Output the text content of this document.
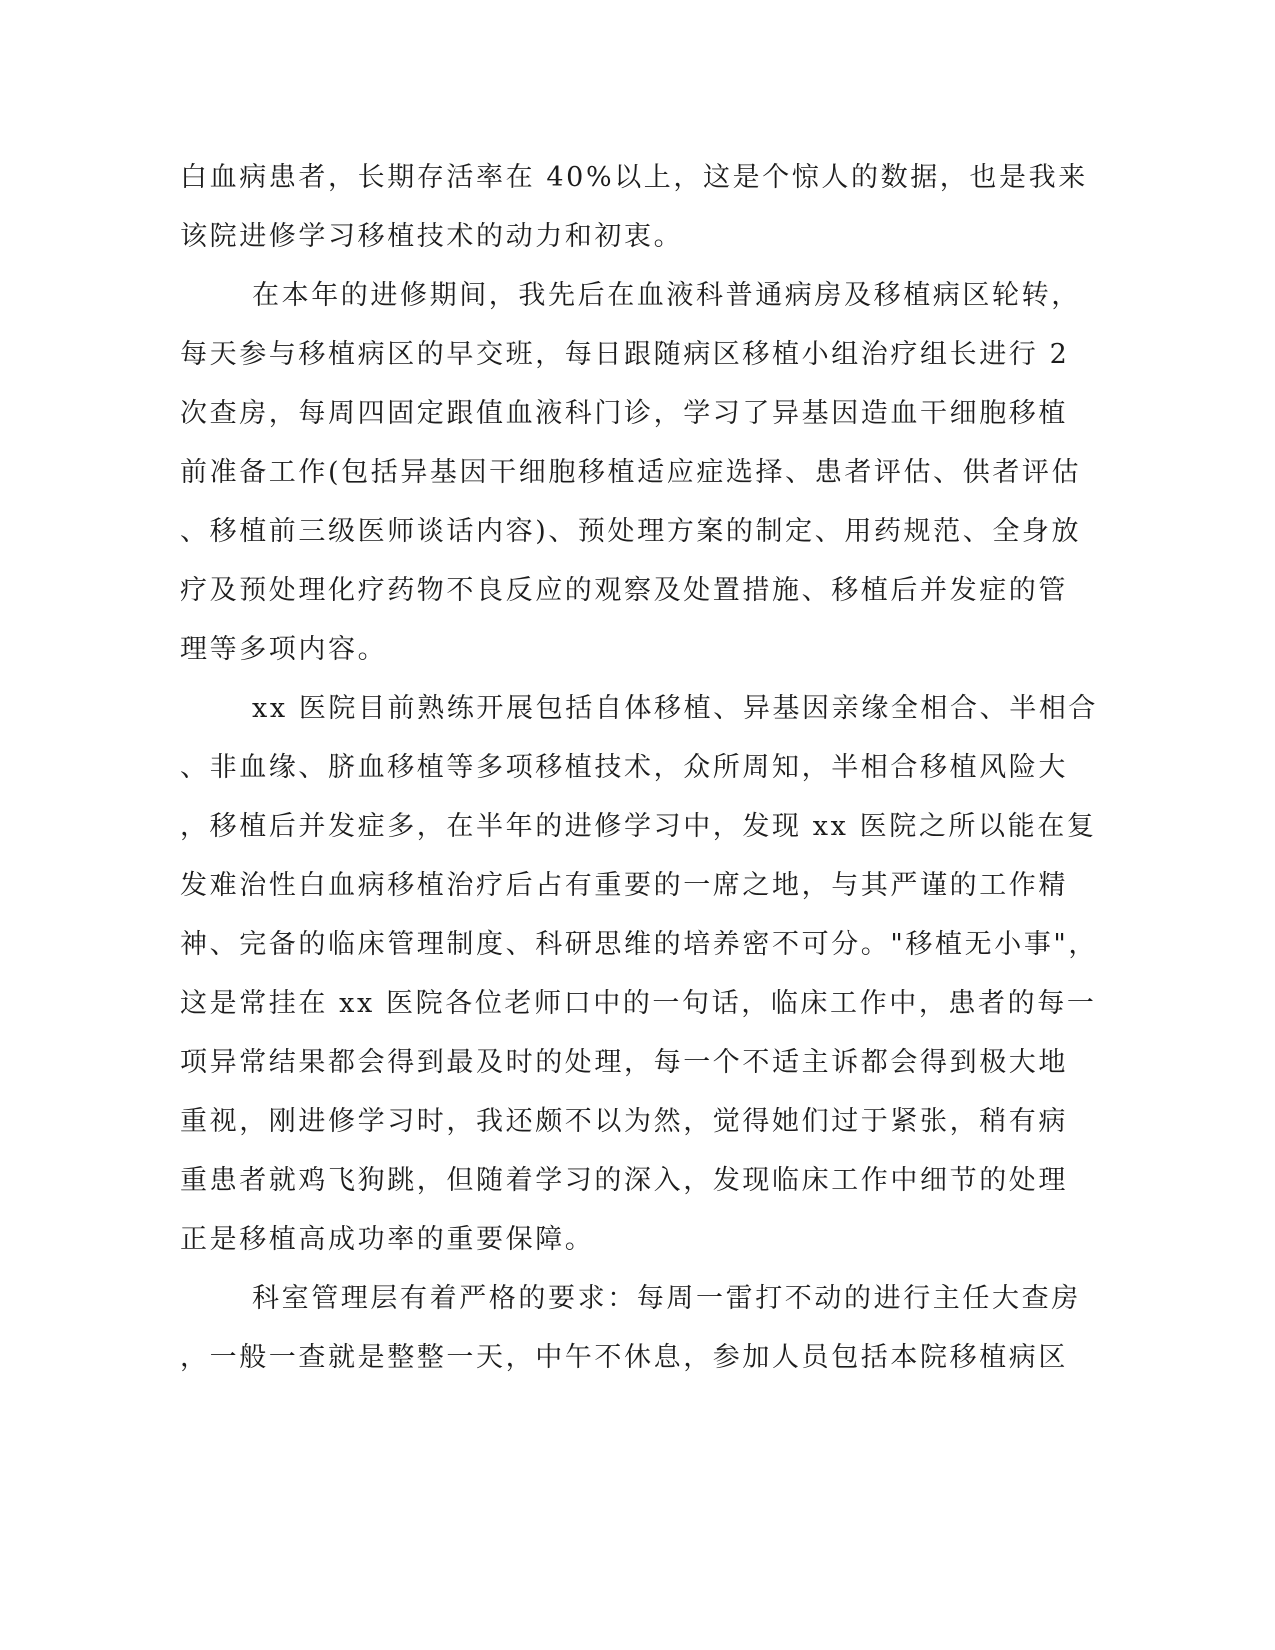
白血病患者，长期存活率在 40%以上，这是个惊人的数据，也是我来
该院进修学习移植技术的动力和初衷。
在本年的进修期间，我先后在血液科普通病房及移植病区轮转，
每天参与移植病区的早交班，每日跟随病区移植小组治疗组长进行 2
次查房，每周四固定跟值血液科门诊，学习了异基因造血干细胞移植
前准备工作(包括异基因干细胞移植适应症选择、患者评估、供者评估
、移植前三级医师谈话内容)、预处理方案的制定、用药规范、全身放
疗及预处理化疗药物不良反应的观察及处置措施、移植后并发症的管
理等多项内容。
xx 医院目前熟练开展包括自体移植、异基因亲缘全相合、半相合
、非血缘、脐血移植等多项移植技术，众所周知，半相合移植风险大
，移植后并发症多，在半年的进修学习中，发现 xx 医院之所以能在复
发难治性白血病移植治疗后占有重要的一席之地，与其严谨的工作精
神、完备的临床管理制度、科研思维的培养密不可分。"移植无小事"，
这是常挂在 xx 医院各位老师口中的一句话，临床工作中，患者的每一
项异常结果都会得到最及时的处理，每一个不适主诉都会得到极大地
重视，刚进修学习时，我还颇不以为然，觉得她们过于紧张，稍有病
重患者就鸡飞狗跳，但随着学习的深入，发现临床工作中细节的处理
正是移植高成功率的重要保障。
科室管理层有着严格的要求：每周一雷打不动的进行主任大查房
，一般一查就是整整一天，中午不休息，参加人员包括本院移植病区
